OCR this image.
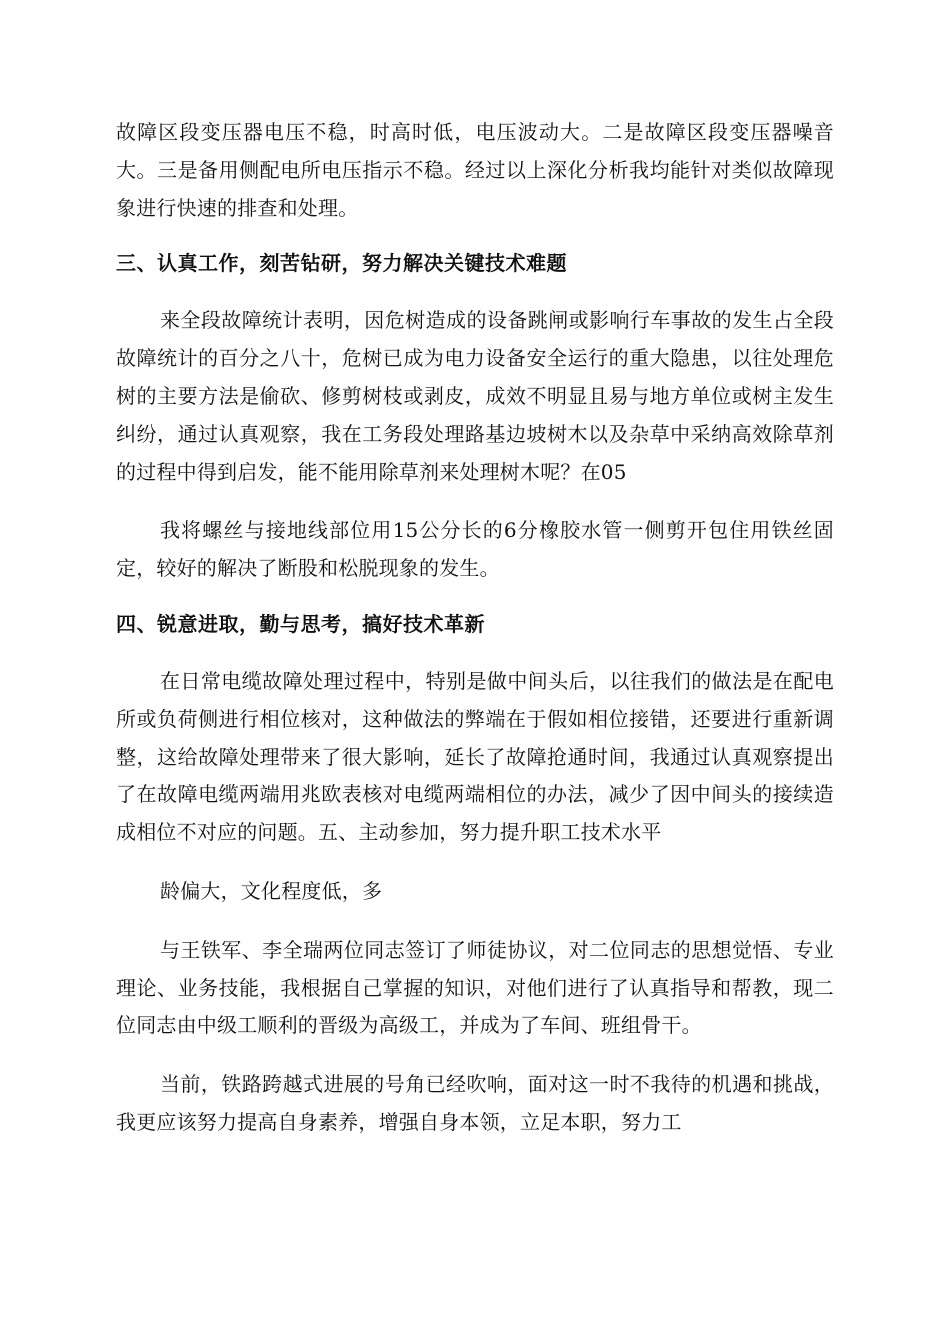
故障区段变压器电压不稳，时高时低，电压波动大。二是故障区段变压器噪音大。三是备用侧配电所电压指示不稳。经过以上深化分析我均能针对类似故障现象进行快速的排查和处理。

三、认真工作，刻苦钻研，努力解决关键技术难题

来全段故障统计表明，因危树造成的设备跳闸或影响行车事故的发生占全段故障统计的百分之八十，危树已成为电力设备安全运行的重大隐患，以往处理危树的主要方法是偷砍、修剪树枝或剥皮，成效不明显且易与地方单位或树主发生纠纷，通过认真观察，我在工务段处理路基边坡树木以及杂草中采纳高效除草剂的过程中得到启发，能不能用除草剂来处理树木呢？在05

我将螺丝与接地线部位用15公分长的6分橡胶水管一侧剪开包住用铁丝固定，较好的解决了断股和松脱现象的发生。

四、锐意进取，勤与思考，搞好技术革新

在日常电缆故障处理过程中，特别是做中间头后，以往我们的做法是在配电所或负荷侧进行相位核对，这种做法的弊端在于假如相位接错，还要进行重新调整，这给故障处理带来了很大影响，延长了故障抢通时间，我通过认真观察提出了在故障电缆两端用兆欧表核对电缆两端相位的办法，减少了因中间头的接续造成相位不对应的问题。五、主动参加，努力提升职工技术水平

龄偏大，文化程度低，多

与王铁军、李全瑞两位同志签订了师徒协议，对二位同志的思想觉悟、专业理论、业务技能，我根据自己掌握的知识，对他们进行了认真指导和帮教，现二位同志由中级工顺利的晋级为高级工，并成为了车间、班组骨干。

当前，铁路跨越式进展的号角已经吹响，面对这一时不我待的机遇和挑战，我更应该努力提高自身素养，增强自身本领，立足本职，努力工
